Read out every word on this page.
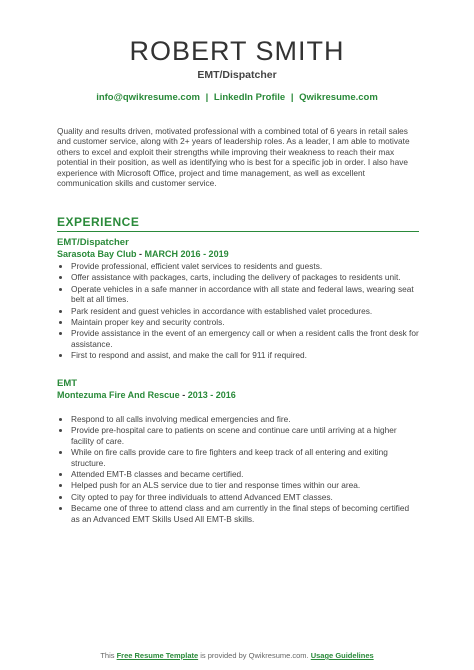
ROBERT SMITH
EMT/Dispatcher
info@qwikresume.com | LinkedIn Profile | Qwikresume.com
Quality and results driven, motivated professional with a combined total of 6 years in retail sales and customer service, along with 2+ years of leadership roles. As a leader, I am able to motivate others to excel and exploit their strengths while improving their weakness to reach their max potential in their position, as well as identifying who is best for a specific job in order. I also have experience with Microsoft Office, project and time management, as well as excellent communication skills and customer service.
EXPERIENCE
EMT/Dispatcher
Sarasota Bay Club - MARCH 2016 - 2019
• Provide professional, efficient valet services to residents and guests.
• Offer assistance with packages, carts, including the delivery of packages to residents unit.
• Operate vehicles in a safe manner in accordance with all state and federal laws, wearing seat belt at all times.
• Park resident and guest vehicles in accordance with established valet procedures.
• Maintain proper key and security controls.
• Provide assistance in the event of an emergency call or when a resident calls the front desk for assistance.
• First to respond and assist, and make the call for 911 if required.
EMT
Montezuma Fire And Rescue - 2013 - 2016
• Respond to all calls involving medical emergencies and fire.
• Provide pre-hospital care to patients on scene and continue care until arriving at a higher facility of care.
• While on fire calls provide care to fire fighters and keep track of all entering and exiting structure.
• Attended EMT-B classes and became certified.
• Helped push for an ALS service due to tier and response times within our area.
• City opted to pay for three individuals to attend Advanced EMT classes.
• Became one of three to attend class and am currently in the final steps of becoming certified as an Advanced EMT Skills Used All EMT-B skills.
This Free Resume Template is provided by Qwikresume.com. Usage Guidelines
